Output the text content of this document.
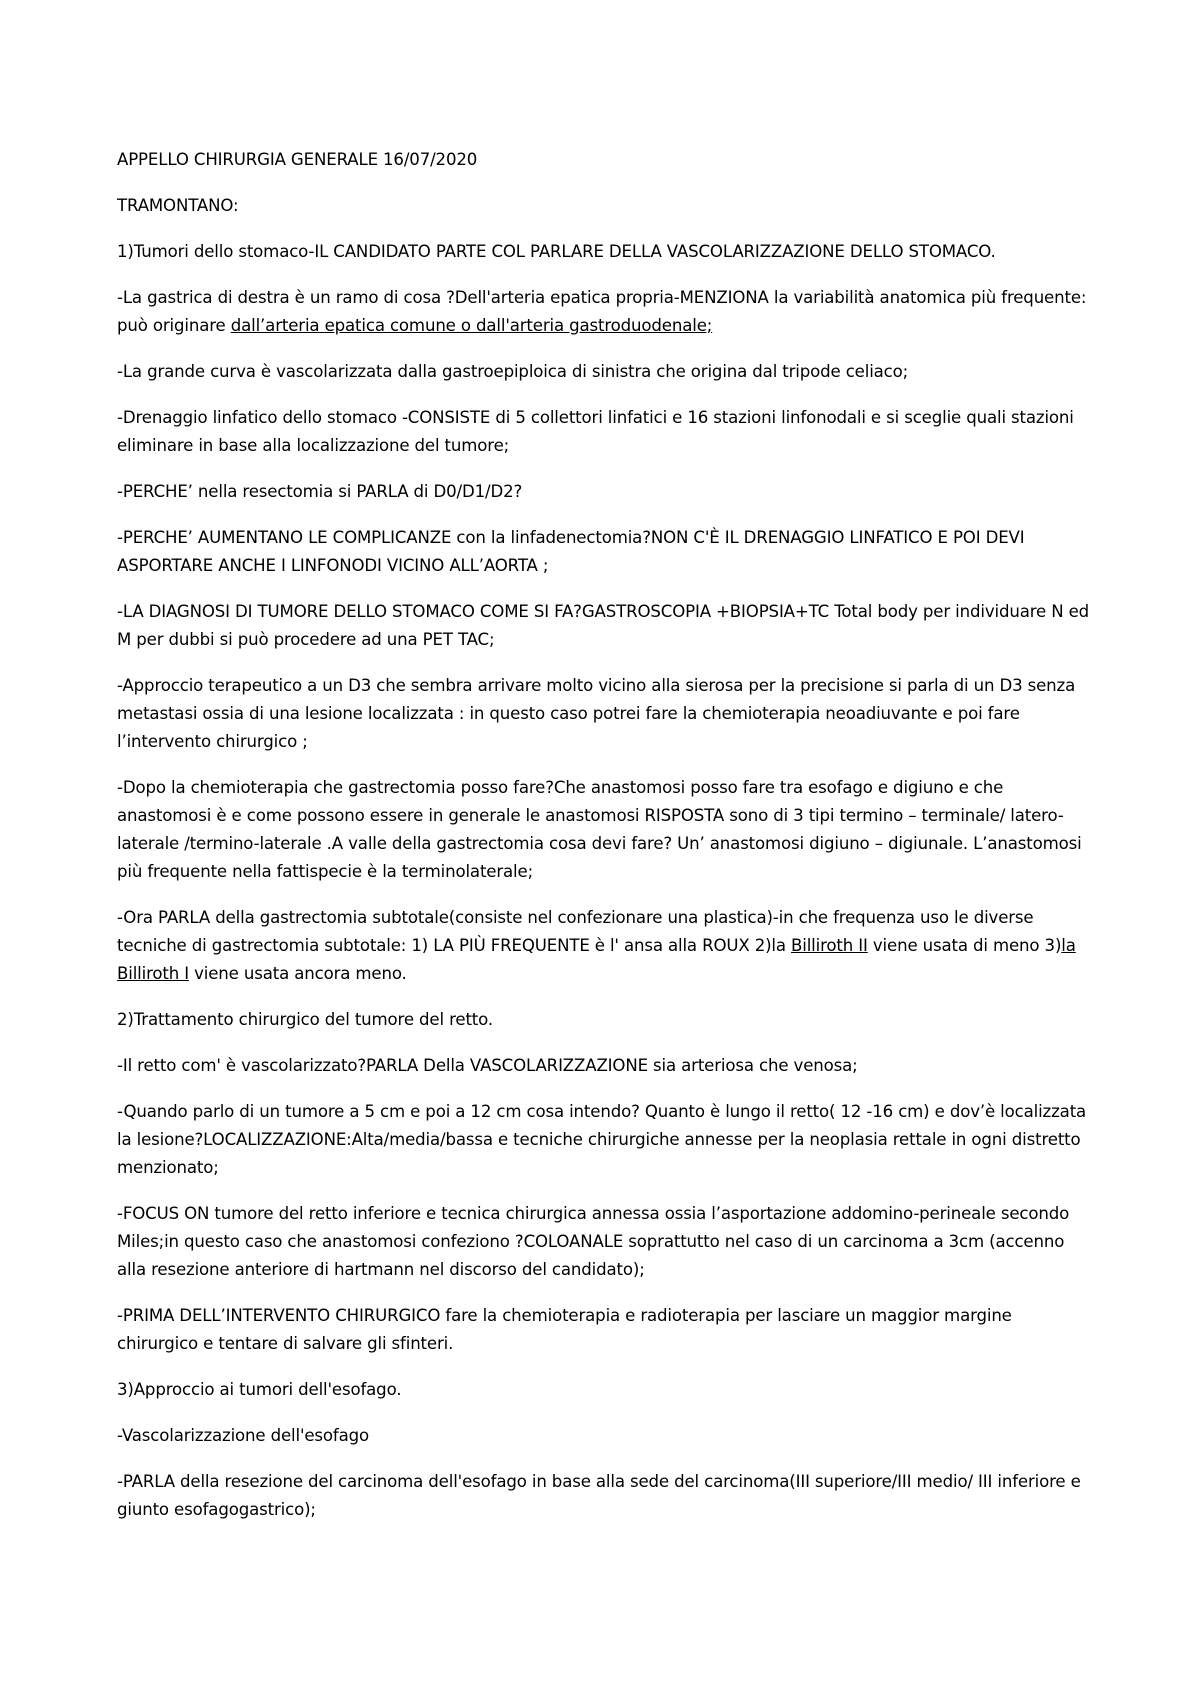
APPELLO CHIRURGIA GENERALE 16/07/2020

TRAMONTANO:

1)Tumori dello stomaco-IL CANDIDATO PARTE COL PARLARE DELLA VASCOLARIZZAZIONE DELLO STOMACO.

-La gastrica di destra è un ramo di cosa ?Dell'arteria epatica propria-MENZIONA la variabilità anatomica più frequente: può originare dall’arteria epatica comune o dall'arteria gastroduodenale;

-La grande curva è vascolarizzata dalla gastroepiploica di sinistra che origina dal tripode celiaco;

-Drenaggio linfatico dello stomaco -CONSISTE di 5 collettori linfatici e 16 stazioni linfonodali e si sceglie quali stazioni eliminare in base alla localizzazione del tumore;

-PERCHE’ nella resectomia si PARLA di D0/D1/D2?

-PERCHE’ AUMENTANO LE COMPLICANZE con la linfadenectomia?NON C'È IL DRENAGGIO LINFATICO E POI DEVI ASPORTARE ANCHE I LINFONODI VICINO ALL’AORTA ;

-LA DIAGNOSI DI TUMORE DELLO STOMACO COME SI FA?GASTROSCOPIA +BIOPSIA+TC Total body per individuare N ed M per dubbi si può procedere ad una PET TAC;

-Approccio terapeutico a un D3 che sembra arrivare molto vicino alla sierosa per la precisione si parla di un D3 senza metastasi ossia di una lesione localizzata : in questo caso potrei fare la chemioterapia neoadiuvante e poi fare l’intervento chirurgico ;

-Dopo la chemioterapia che gastrectomia posso fare?Che anastomosi posso fare tra esofago e digiuno e che anastomosi è e come possono essere in generale le anastomosi RISPOSTA sono di 3 tipi termino – terminale/ latero-laterale /termino-laterale .A valle della gastrectomia cosa devi fare? Un’ anastomosi digiuno – digiunale. L’anastomosi più frequente nella fattispecie è la terminolaterale;

-Ora PARLA della gastrectomia subtotale(consiste nel confezionare una plastica)-in che frequenza uso le diverse tecniche di gastrectomia subtotale: 1) LA PIÙ FREQUENTE è l' ansa alla ROUX 2)la Billiroth II viene usata di meno 3)la Billiroth I viene usata ancora meno.

2)Trattamento chirurgico del tumore del retto.

-Il retto com' è vascolarizzato?PARLA Della VASCOLARIZZAZIONE sia arteriosa che venosa;

-Quando parlo di un tumore a 5 cm e poi a 12 cm cosa intendo? Quanto è lungo il retto( 12 -16 cm) e dov’è localizzata la lesione?LOCALIZZAZIONE:Alta/media/bassa e tecniche chirurgiche annesse per la neoplasia rettale in ogni distretto menzionato;

-FOCUS ON tumore del retto inferiore e tecnica chirurgica annessa ossia l’asportazione addomino-perineale secondo Miles;in questo caso che anastomosi confeziono ?COLOANALE soprattutto nel caso di un carcinoma a 3cm (accenno alla resezione anteriore di hartmann nel discorso del candidato);

-PRIMA DELL’INTERVENTO CHIRURGICO fare la chemioterapia e radioterapia per lasciare un maggior margine chirurgico e tentare di salvare gli sfinteri.

3)Approccio ai tumori dell'esofago.

-Vascolarizzazione dell'esofago

-PARLA della resezione del carcinoma dell'esofago in base alla sede del carcinoma(III superiore/III medio/ III inferiore e giunto esofagogastrico);
